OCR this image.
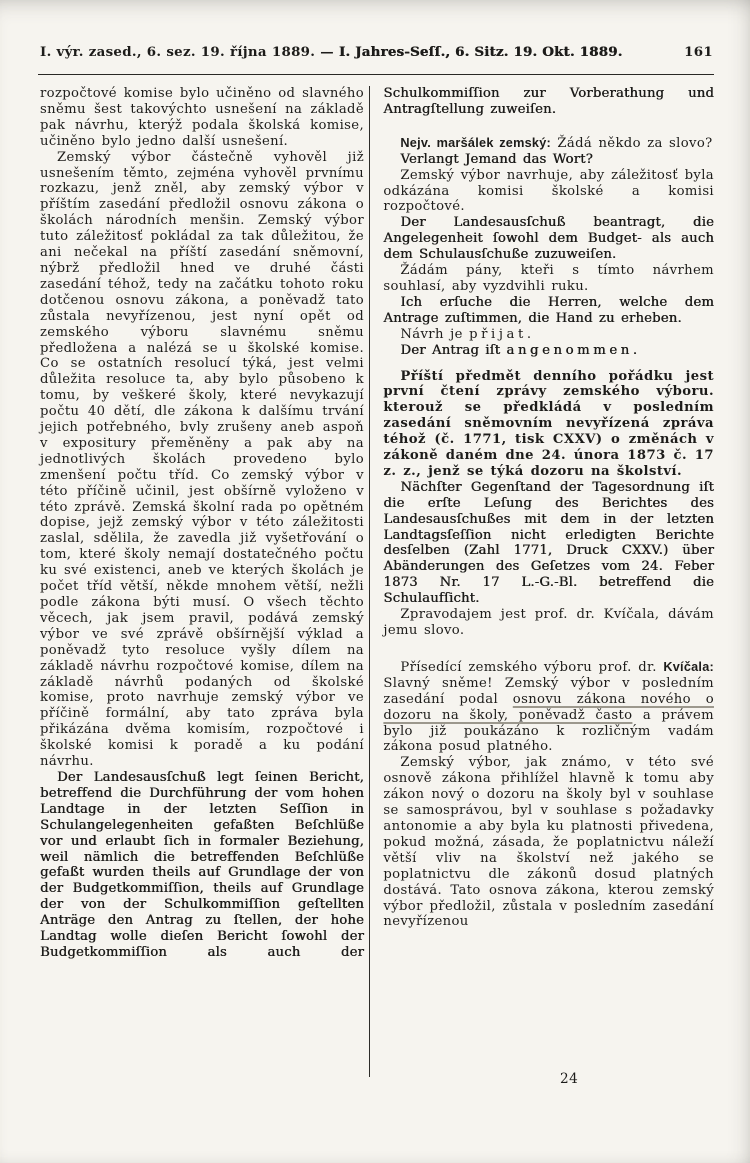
I. výr. zased., 6. sez. 19. října 1889. — I. Jahres-Seſſ., 6. Sitz. 19. Okt. 1889.	161

rozpočtové komise bylo učiněno od slavného sněmu šest takovýchto usnešení na základě pak návrhu, kterýž podala školská komise, učiněno bylo jedno další usnešení.

Zemský výbor částečně vyhověl již usnešením těmto, zejména vyhověl prvnímu rozkazu, jenž zněl, aby zemský výbor v příštím zasedání předložil osnovu zákona o školách národních menšin. Zemský výbor tuto záležitosť pokládal za tak důležitou, že ani nečekal na příští zasedání sněmovní, nýbrž předložil hned ve druhé části zasedání téhož, tedy na začátku tohoto roku dotčenou osnovu zákona, a poněvadž tato zůstala nevyřízenou, jest nyní opět od zemského výboru slavnému sněmu předložena a nalézá se u školské komise. Co se ostatních resolucí týká, jest velmi důležita resoluce ta, aby bylo působeno k tomu, by veškeré školy, které nevykazují počtu 40 dětí, dle zákona k dalšímu trvání jejich potřebného, bvly zrušeny aneb aspoň v expositury přeměněny a pak aby na jednotlivých školách provedeno bylo zmenšení počtu tříd. Co zemský výbor v této příčině učinil, jest obšírně vyloženo v této zprávě. Zemská školní rada po opětném dopise, jejž zemský výbor v této záležitosti zaslal, sdělila, že zavedla již vyšetřování o tom, které školy nemají dostatečného počtu ku své existenci, aneb ve kterých školách je počet tříd větší, někde mnohem větší, nežli podle zákona býti musí. O všech těchto věcech, jak jsem pravil, podává zemský výbor ve své zprávě obšírnější výklad a poněvadž tyto resoluce vyšly dílem na základě návrhu rozpočtové komise, dílem na základě návrhů podaných od školské komise, proto navrhuje zemský výbor ve příčině formální, aby tato zpráva byla přikázána dvěma komisím, rozpočtové i školské komisi k poradě a ku podání návrhu.

Der Landesausſchuß legt ſeinen Bericht, betreffend die Durchführung der vom hohen Landtage in der letzten Seſſion in Schulangelegenheiten gefaßten Beſchlüße vor und erlaubt ſich in formaler Beziehung, weil nämlich die betreffenden Beſchlüße gefaßt wurden theils auf Grundlage der von der Budgetkommiſſion, theils auf Grundlage der von der Schulkommiſſion geſtellten Anträge den Antrag zu ſtellen, der hohe Landtag wolle dieſen Bericht ſowohl der Budgetkommiſſion als auch der

Schulkommiſſion zur Vorberathung und Antragſtellung zuweiſen.

Nejv. maršálek zemský: Žádá někdo za slovo?

Verlangt Jemand das Wort?

Zemský výbor navrhuje, aby záležitosť byla odkázána komisi školské a komisi rozpočtové.

Der Landesausſchuß beantragt, die Angelegenheit ſowohl dem Budget- als auch dem Schulausſchuße zuzuweiſen.

Žádám pány, kteři s tímto návrhem souhlasí, aby vyzdvihli ruku.

Ich erſuche die Herren, welche dem Antrage zuſtimmen, die Hand zu erheben.

Návrh je přijat.

Der Antrag iſt angenommen.

Příští předmět denního pořádku jest první čtení zprávy zemského výboru. kterouž se předkládá v posledním zasedání sněmovním nevyřízená zpráva téhož (č. 1771, tisk CXXV) o změnách v zákoně daném dne 24. února 1873 č. 17 z. z., jenž se týká dozoru na školství.

Nächſter Gegenſtand der Tagesordnung iſt die erſte Leſung des Berichtes des Landesausſchußes mit dem in der letzten Landtagsſeſſion nicht erledigten Berichte desſelben (Zahl 1771, Druck CXXV.) über Abänderungen des Geſetzes vom 24. Feber 1873 Nr. 17 L.-G.-Bl. betreffend die Schulaufſicht.

Zpravodajem jest prof. dr. Kvíčala, dávám jemu slovo.

Přísedící zemského výboru prof. dr. Kvíčala: Slavný sněme! Zemský výbor v posledním zasedání podal osnovu zákona nového o dozoru na školy, poněvadž často a právem bylo již poukázáno k rozličným vadám zákona posud platného.

Zemský výbor, jak známo, v této své osnově zákona přihlížel hlavně k tomu aby zákon nový o dozoru na školy byl v souhlase se samosprávou, byl v souhlase s požadavky antonomie a aby byla ku platnosti přivedena, pokud možná, zásada, že poplatnictvu náleží větší vliv na školství než jakého se poplatnictvu dle zákonů dosud platných dostává. Tato osnova zákona, kterou zemský výbor předložil, zůstala v posledním zasedání nevyřízenou

24
